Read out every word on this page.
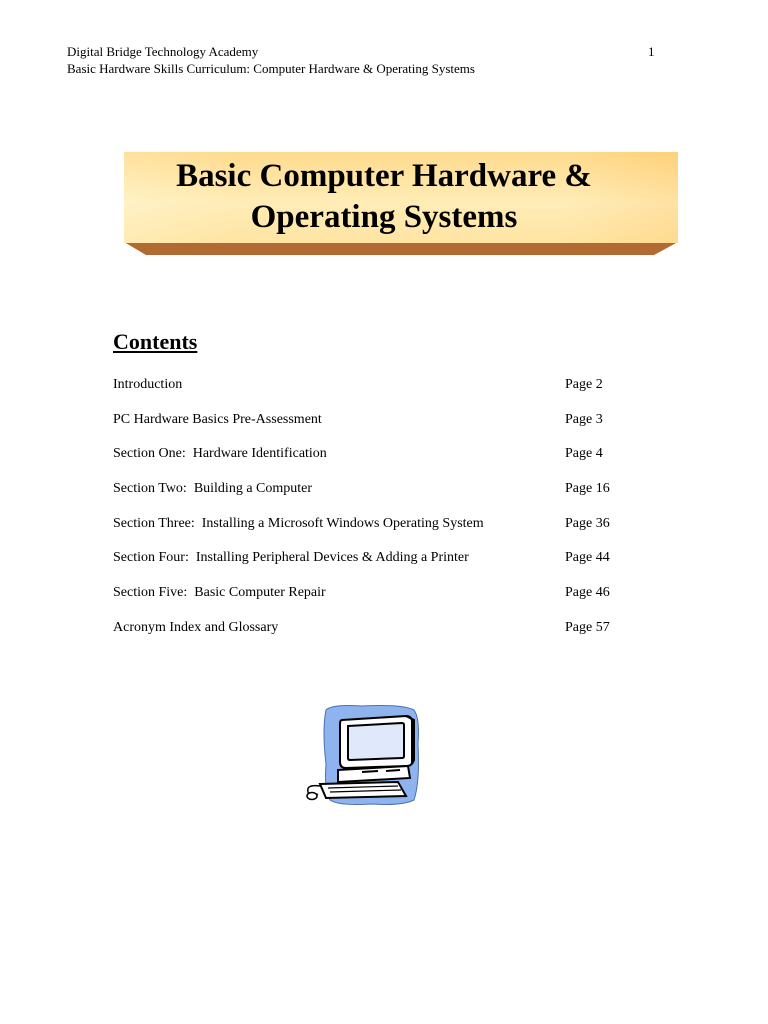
Digital Bridge Technology Academy
Basic Hardware Skills Curriculum: Computer Hardware & Operating Systems
1
Basic Computer Hardware &
Operating Systems
Contents
Introduction	Page 2
PC Hardware Basics Pre-Assessment	Page 3
Section One:  Hardware Identification	Page 4
Section Two:  Building a Computer	Page 16
Section Three:  Installing a Microsoft Windows Operating System	Page 36
Section Four:  Installing Peripheral Devices & Adding a Printer	Page 44
Section Five:  Basic Computer Repair	Page 46
Acronym Index and Glossary	Page 57
